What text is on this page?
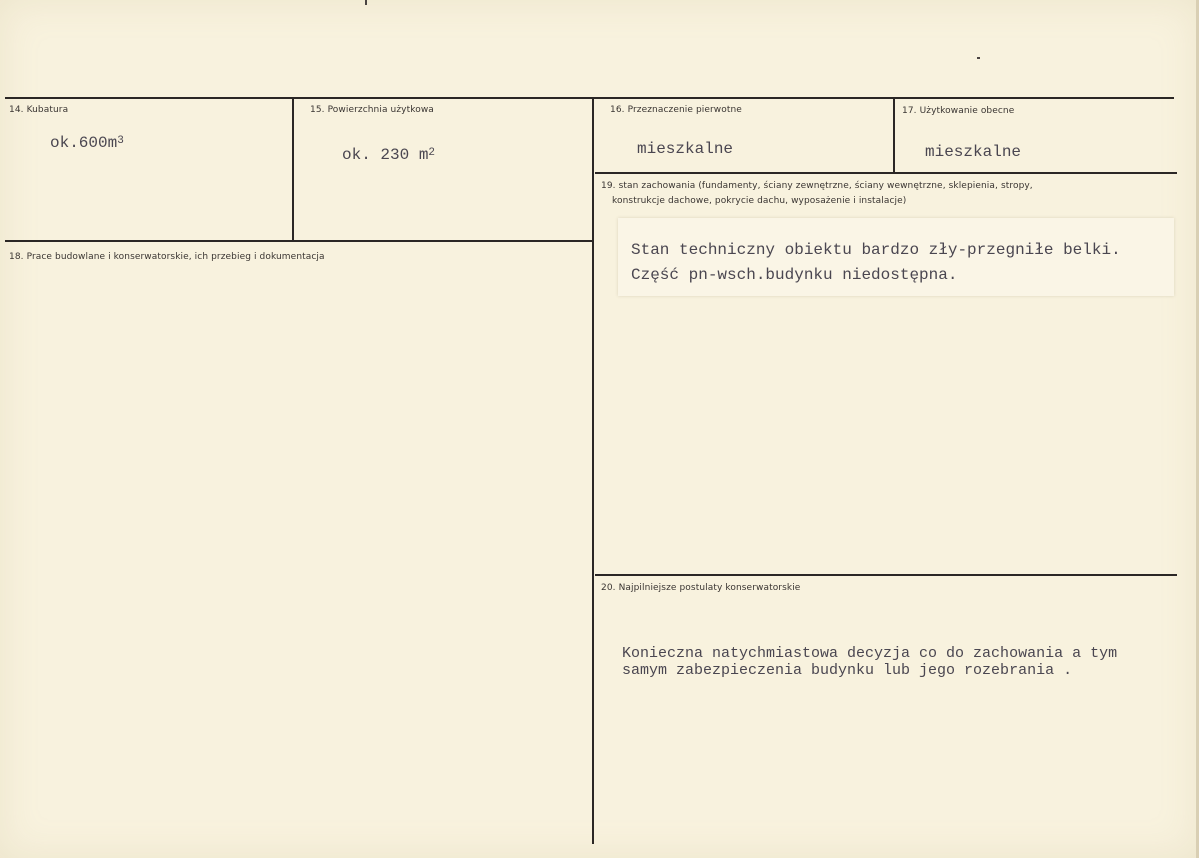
14. Kubatura
$ok.600m^3$
15. Powierzchnia użytkowa
ok. 230 $m^2$
16. Przeznaczenie pierwotne
mieszkalne
17. Użytkowanie obecne
mieszkalne
18. Prace budowlane i konserwatorskie, ich przebieg i dokumentacja
19. stan zachowania (fundamenty, ściany zewnętrzne, ściany wewnętrzne, sklepienia, stropy,
konstrukcje dachowe, pokrycie dachu, wyposażenie i instalacje)
Stan techniczny obiektu bardzo zły-przegniłe belki.
Część pn-wsch.budynku niedostępna.
20. Najpilniejsze postulaty konserwatorskie
Konieczna natychmiastowa decyzja co do zachowania a tym
samym zabezpieczenia budynku lub jego rozebrania .
